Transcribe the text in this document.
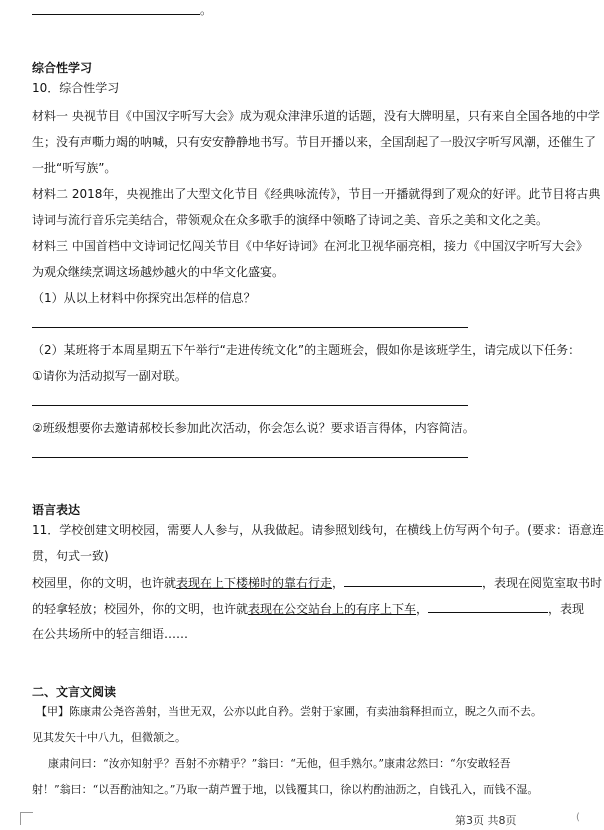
。
综合性学习
10．综合性学习
材料一 央视节目《中国汉字听写大会》成为观众津津乐道的话题，没有大牌明星，只有来自全国各地的中学
生；没有声嘶力竭的呐喊，只有安安静静地书写。节目开播以来，全国刮起了一股汉字听写风潮，还催生了
一批“听写族”。
材料二 2018年，央视推出了大型文化节目《经典咏流传》，节目一开播就得到了观众的好评。此节目将古典
诗词与流行音乐完美结合，带领观众在众多歌手的演绎中领略了诗词之美、音乐之美和文化之美。
材料三 中国首档中文诗词记忆闯关节目《中华好诗词》在河北卫视华丽亮相，接力《中国汉字听写大会》
为观众继续烹调这场越炒越火的中华文化盛宴。
（1）从以上材料中你探究出怎样的信息？
（2）某班将于本周星期五下午举行“走进传统文化”的主题班会，假如你是该班学生，请完成以下任务：
①请你为活动拟写一副对联。
②班级想要你去邀请郝校长参加此次活动，你会怎么说？要求语言得体，内容简洁。
语言表达
11．学校创建文明校园，需要人人参与，从我做起。请参照划线句，在横线上仿写两个句子。(要求：语意连
贯，句式一致)
校园里，你的文明，也许就表现在上下楼梯时的靠右行走，	，表现在阅览室取书时
的轻拿轻放；校园外，你的文明，也许就表现在公交站台上的有序上下车，	，表现
在公共场所中的轻言细语……
二、文言文阅读
【甲】陈康肃公尧咨善射，当世无双，公亦以此自矜。尝射于家圃，有卖油翁释担而立，睨之久而不去。
见其发矢十中八九，但微颔之。
康肃问曰：“汝亦知射乎？吾射不亦精乎？”翁曰：“无他，但手熟尔。”康肃忿然曰：“尔安敢轻吾
射！”翁曰：“以吾酌油知之。”乃取一葫芦置于地，以钱覆其口，徐以杓酌油沥之，自钱孔入，而钱不湿。
第3页 共8页	(
